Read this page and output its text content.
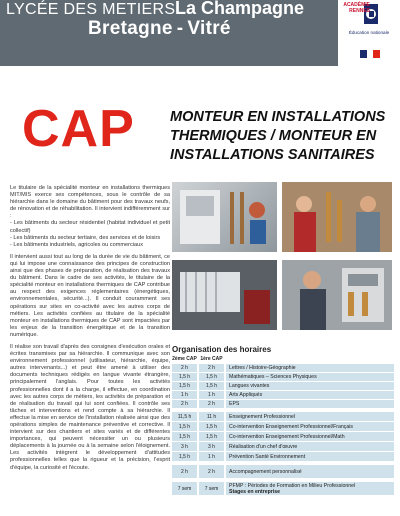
LYCÉE DES METIERS La Champagne
Bretagne - Vitré
ACADÉMIE RENNES
Éducation nationale
CAP MONTEUR EN INSTALLATIONS
THERMIQUES / MONTEUR EN
INSTALLATIONS SANITAIRES

Le titulaire de la spécialité monteur en installations thermiques MIT/MIS exerce ses compétences, sous le contrôle de sa hiérarchie dans le domaine du bâtiment pour des travaux neufs, de rénovation et de réhabilitation. Il intervient indifféremment sur :
- Les bâtiments du secteur résidentiel (habitat individuel et petit collectif)
- Les bâtiments du secteur tertiaire, des services et de loisirs
- Les bâtiments industriels, agricoles ou commerciaux

Il intervient aussi tout au long de la durée de vie du bâtiment, ce qui lui impose une connaissance des principes de construction ainsi que des phases de préparation, de réalisation des travaux du bâtiment. Dans le cadre de ses activités, le titulaire de la spécialité monteur en installations thermiques de CAP contribue au respect des exigences réglementaires (énergétiques, environnementales, sécurité...). Il conduit couramment ses opérations sur sites en co-activité avec les autres corps de métiers. Les activités confiées au titulaire de la spécialité monteur en installations thermiques de CAP sont impactées par les enjeux de la transition énergétique et de la transition numérique.

Il réalise son travail d'après des consignes d'exécution orales et écrites transmises par sa hiérarchie. Il communique avec son environnement professionnel (utilisateur, hiérarchie, équipe, autres intervenants...) et peut être amené à utiliser des documents techniques rédigés en langue vivante étrangère, principalement l'anglais. Pour toutes les activités professionnelles dont il a la charge, il effectue, en coordination avec les autres corps de métiers, les activités de préparation et de réalisation du travail qui lui sont confiées. Il contrôle ses tâches et interventions et rend compte à sa hiérarchie. Il effectue la mise en service de l'installation réalisée ainsi que des opérations simples de maintenance préventive et corrective. Il intervient sur des chantiers et sites variés et de différentes importances, qui peuvent nécessiter un ou plusieurs déplacements à la journée ou à la semaine selon l'éloignement. Les activités intègrent le développement d'attitudes professionnelles telles que la rigueur et la précision, l'esprit d'équipe, la curiosité et l'écoute.

Organisation des horaires
2ème CAP 1ère CAP
2 h	2 h	Lettres / Histoire-Géographie
1,5 h	1,5 h	Mathématiques – Sciences Physiques
1,5 h	1,5 h	Langues vivantes
1 h	1 h	Arts Appliqués
2 h	2 h	EPS
11,5 h	11 h	Enseignement Professionnel
1,5 h	1,5 h	Co-intervention Enseignement Professionnel/Français
1,5 h	1,5 h	Co-intervention Enseignement Professionnel/Math
3 h	3 h	Réalisation d'un chef d'œuvre
1,5 h	1 h	Prévention Santé Environnement
2 h	2 h	Accompagnement personnalisé
7 sem	7 sem	PFMP : Périodes de Formation en Milieu Professionnel
Stages en entreprise
